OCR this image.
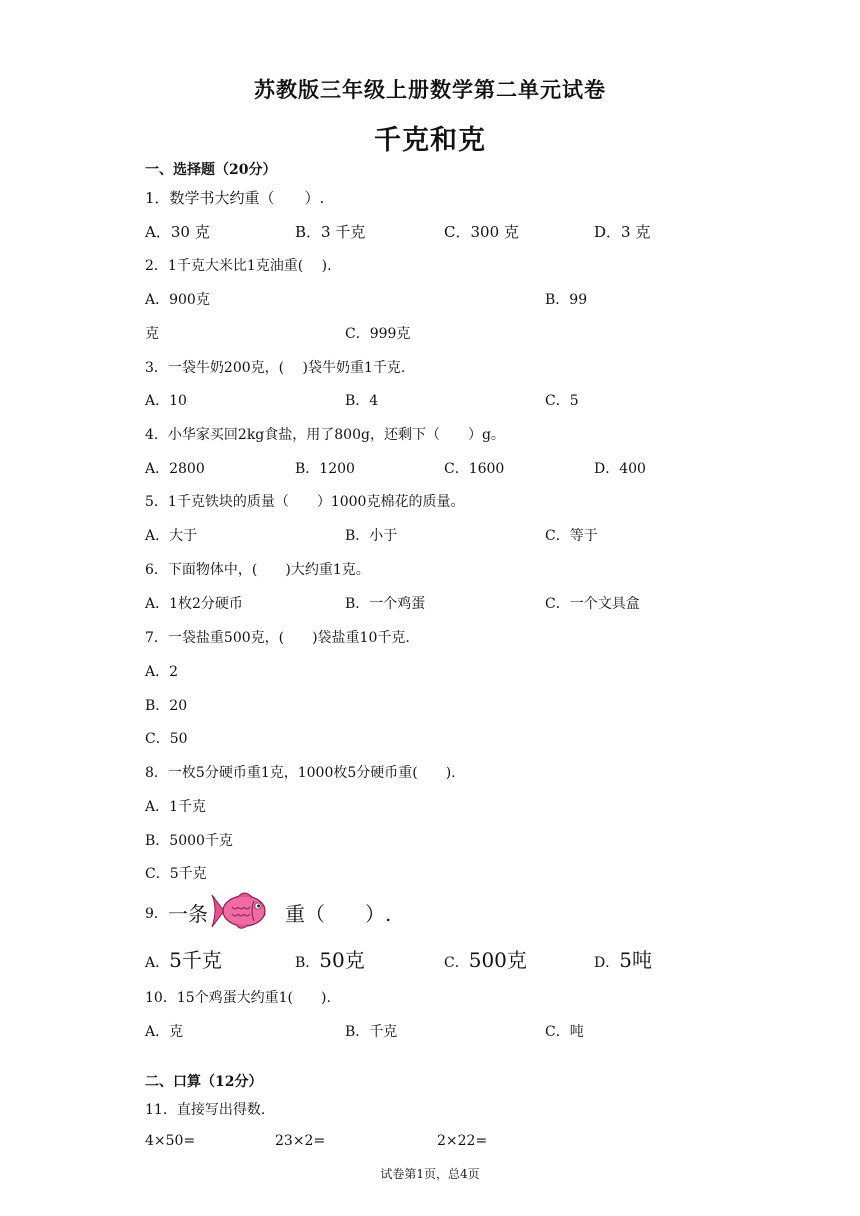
苏教版三年级上册数学第二单元试卷
千克和克
一、选择题（20分）
1．数学书大约重（　　）.
A．30 克	B．3 千克	C．300 克	D．3 克
2．1千克大米比1克油重(　 ).
A．900克	B．99
克	C．999克
3．一袋牛奶200克，(　 )袋牛奶重1千克.
A．10	B．4	C．5
4．小华家买回2kg食盐，用了800g，还剩下（　　）g。
A．2800	B．1200	C．1600	D．400
5．1千克铁块的质量（　　）1000克棉花的质量。
A．大于	B．小于	C．等于
6．下面物体中，(　　)大约重1克。
A．1枚2分硬币	B．一个鸡蛋	C．一个文具盒
7．一袋盐重500克，(　　)袋盐重10千克.
A．2
B．20
C．50
8．一枚5分硬币重1克，1000枚5分硬币重(　　).
A．1千克
B．5000千克
C．5千克
9． 一条	重（　　）.
A．5千克	B．50克	C．500克	D．5吨
10．15个鸡蛋大约重1(　　).
A．克	B．千克	C．吨
二、口算（12分）
11．直接写出得数.
4×50=	23×2=	2×22=
试卷第1页，总4页
